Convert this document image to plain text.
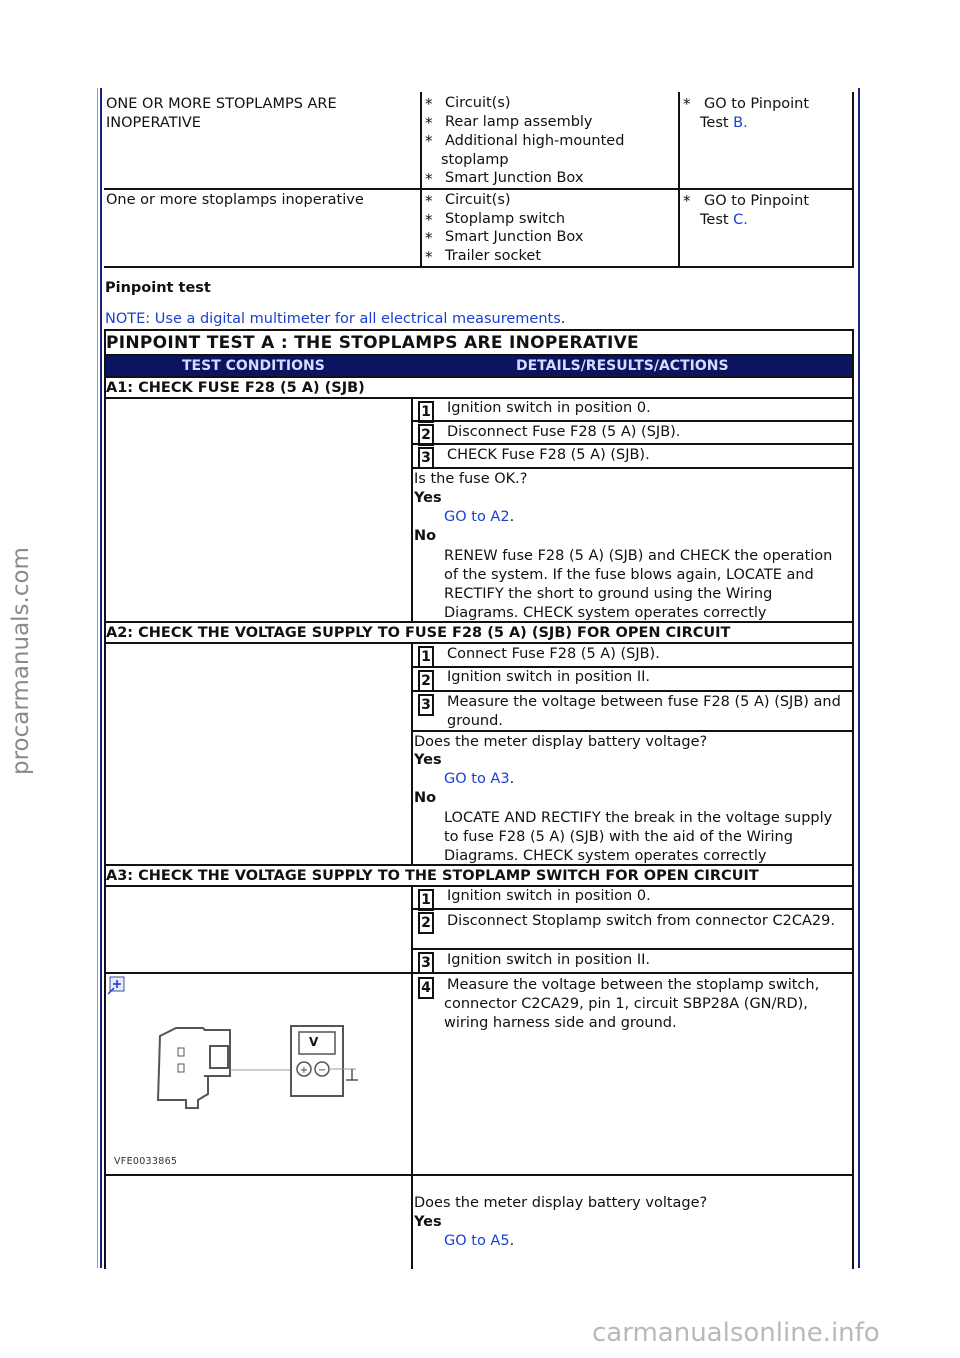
ONE OR MORE STOPLAMPS ARE INOPERATIVE
* Circuit(s)
* Rear lamp assembly
* Additional high-mounted stoplamp
* Smart Junction Box
* GO to Pinpoint Test B.
One or more stoplamps inoperative	* Circuit(s)
* Stoplamp switch
* Smart Junction Box
* Trailer socket
* GO to Pinpoint Test C.
Pinpoint test
NOTE: Use a digital multimeter for all electrical measurements.
PINPOINT TEST A : THE STOPLAMPS ARE INOPERATIVE
TEST CONDITIONS	DETAILS/RESULTS/ACTIONS
A1: CHECK FUSE F28 (5 A) (SJB)
1 Ignition switch in position 0.
2 Disconnect Fuse F28 (5 A) (SJB).
3 CHECK Fuse F28 (5 A) (SJB).
Is the fuse OK.?
Yes
GO to A2.
No
RENEW fuse F28 (5 A) (SJB) and CHECK the operation of the system. If the fuse blows again, LOCATE and RECTIFY the short to ground using the Wiring Diagrams. CHECK system operates correctly
A2: CHECK THE VOLTAGE SUPPLY TO FUSE F28 (5 A) (SJB) FOR OPEN CIRCUIT
1 Connect Fuse F28 (5 A) (SJB).
2 Ignition switch in position II.
3 Measure the voltage between fuse F28 (5 A) (SJB) and ground.
Does the meter display battery voltage?
Yes
GO to A3.
No
LOCATE AND RECTIFY the break in the voltage supply to fuse F28 (5 A) (SJB) with the aid of the Wiring Diagrams. CHECK system operates correctly
A3: CHECK THE VOLTAGE SUPPLY TO THE STOPLAMP SWITCH FOR OPEN CIRCUIT
1 Ignition switch in position 0.
2 Disconnect Stoplamp switch from connector C2CA29.
3 Ignition switch in position II.
4 Measure the voltage between the stoplamp switch, connector C2CA29, pin 1, circuit SBP28A (GN/RD), wiring harness side and ground.
+ −
V
VFE0033865
Does the meter display battery voltage?
Yes
GO to A5.
procarmanuals.com
carmanualsonline.info
